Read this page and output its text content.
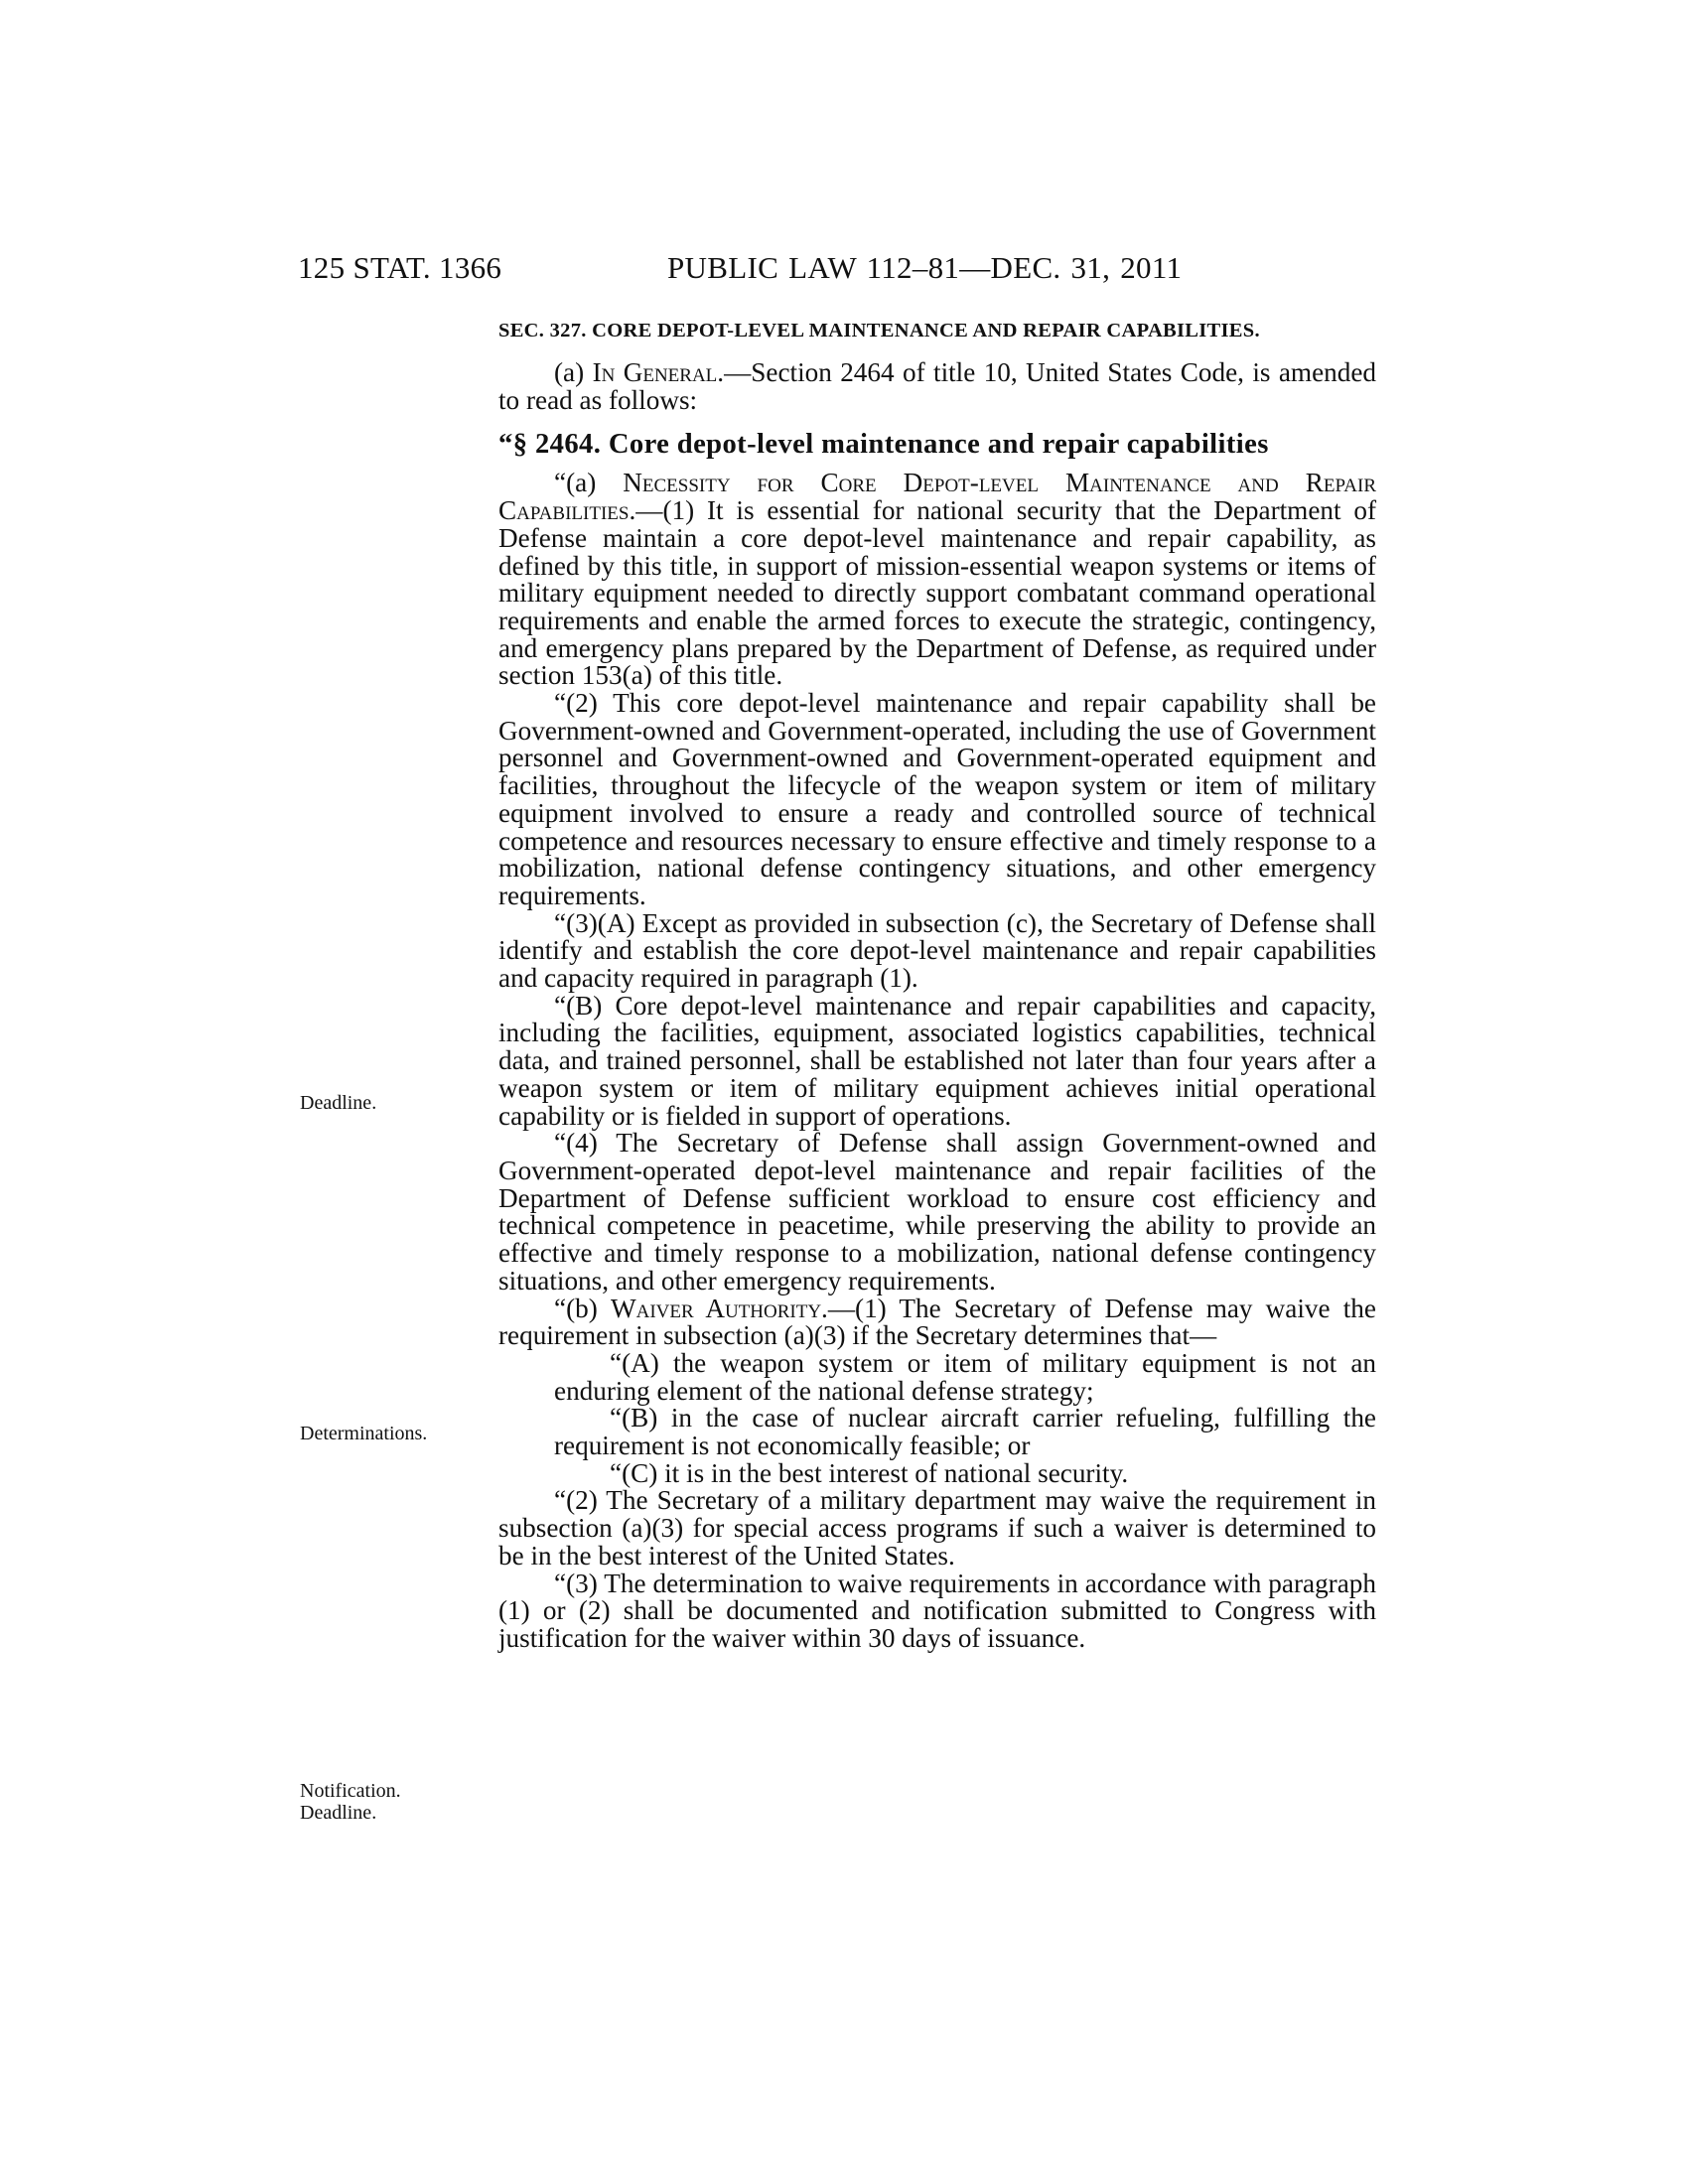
125 STAT. 1366	PUBLIC LAW 112–81—DEC. 31, 2011
Deadline.
Determinations.
Notification.
Deadline.
SEC. 327. CORE DEPOT-LEVEL MAINTENANCE AND REPAIR CAPABILITIES.

(a) In General.—Section 2464 of title 10, United States Code, is amended to read as follows:

“§ 2464. Core depot-level maintenance and repair capabilities

“(a) Necessity for Core Depot-level Maintenance and Repair Capabilities.—(1) It is essential for national security that the Department of Defense maintain a core depot-level maintenance and repair capability, as defined by this title, in support of mission-essential weapon systems or items of military equipment needed to directly support combatant command operational requirements and enable the armed forces to execute the strategic, contingency, and emergency plans prepared by the Department of Defense, as required under section 153(a) of this title.

“(2) This core depot-level maintenance and repair capability shall be Government-owned and Government-operated, including the use of Government personnel and Government-owned and Government-operated equipment and facilities, throughout the lifecycle of the weapon system or item of military equipment involved to ensure a ready and controlled source of technical competence and resources necessary to ensure effective and timely response to a mobilization, national defense contingency situations, and other emergency requirements.

“(3)(A) Except as provided in subsection (c), the Secretary of Defense shall identify and establish the core depot-level maintenance and repair capabilities and capacity required in paragraph (1).

“(B) Core depot-level maintenance and repair capabilities and capacity, including the facilities, equipment, associated logistics capabilities, technical data, and trained personnel, shall be established not later than four years after a weapon system or item of military equipment achieves initial operational capability or is fielded in support of operations.

“(4) The Secretary of Defense shall assign Government-owned and Government-operated depot-level maintenance and repair facilities of the Department of Defense sufficient workload to ensure cost efficiency and technical competence in peacetime, while preserving the ability to provide an effective and timely response to a mobilization, national defense contingency situations, and other emergency requirements.

“(b) Waiver Authority.—(1) The Secretary of Defense may waive the requirement in subsection (a)(3) if the Secretary determines that—

“(A) the weapon system or item of military equipment is not an enduring element of the national defense strategy;

“(B) in the case of nuclear aircraft carrier refueling, fulfilling the requirement is not economically feasible; or

“(C) it is in the best interest of national security.

“(2) The Secretary of a military department may waive the requirement in subsection (a)(3) for special access programs if such a waiver is determined to be in the best interest of the United States.

“(3) The determination to waive requirements in accordance with paragraph (1) or (2) shall be documented and notification submitted to Congress with justification for the waiver within 30 days of issuance.
